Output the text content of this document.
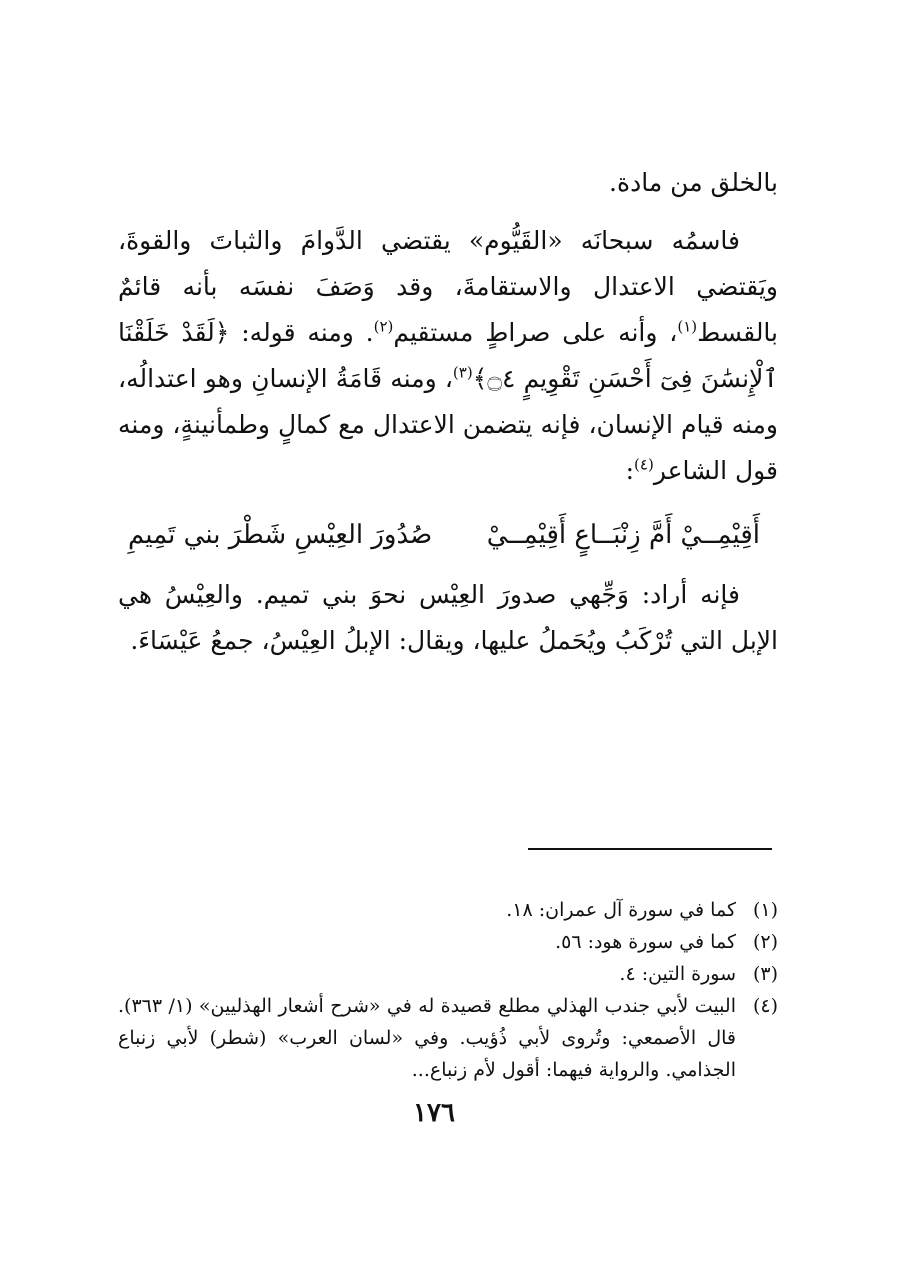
بالخلق من مادة.

فاسمُه سبحانَه «القَيُّوم» يقتضي الدَّوامَ والثباتَ والقوةَ، ويَقتضي الاعتدال والاستقامةَ، وقد وَصَفَ نفسَه بأنه قائمٌ بالقسط$^{(١)}$، وأنه على صراطٍ مستقيم$^{(٢)}$. ومنه قوله: ﴿لَقَدْ خَلَقْنَا ٱلْإِنسَٰنَ فِىٓ أَحْسَنِ تَقْوِيمٍ ۝٤﴾$^{(٣)}$، ومنه قَامَةُ الإنسانِ وهو اعتدالُه، ومنه قيام الإنسان، فإنه يتضمن الاعتدال مع كمالٍ وطمأنينةٍ، ومنه قول الشاعر$^{(٤)}$:

أَقِيْمِــيْ أَمَّ زِنْبَــاعٍ أَقِيْمِــيْ
صُدُورَ العِيْسِ شَطْرَ بني تَمِيمِ

فإنه أراد: وَجِّهي صدورَ العِيْس نحوَ بني تميم. والعِيْسُ هي الإبل التي تُرْكَبُ ويُحَملُ عليها، ويقال: الإبلُ العِيْسُ، جمعُ عَيْسَاءَ.

(١)
كما في سورة آل عمران: ١٨.
(٢)
كما في سورة هود: ٥٦.
(٣)
سورة التين: ٤.
(٤)
البيت لأبي جندب الهذلي مطلع قصيدة له في «شرح أشعار الهذليين» (١/ ٣٦٣). قال الأصمعي: وتُروى لأبي ذُؤيب. وفي «لسان العرب» (شطر) لأبي زنباع الجذامي. والرواية فيهما: أقول لأم زنباع...
١٧٦
